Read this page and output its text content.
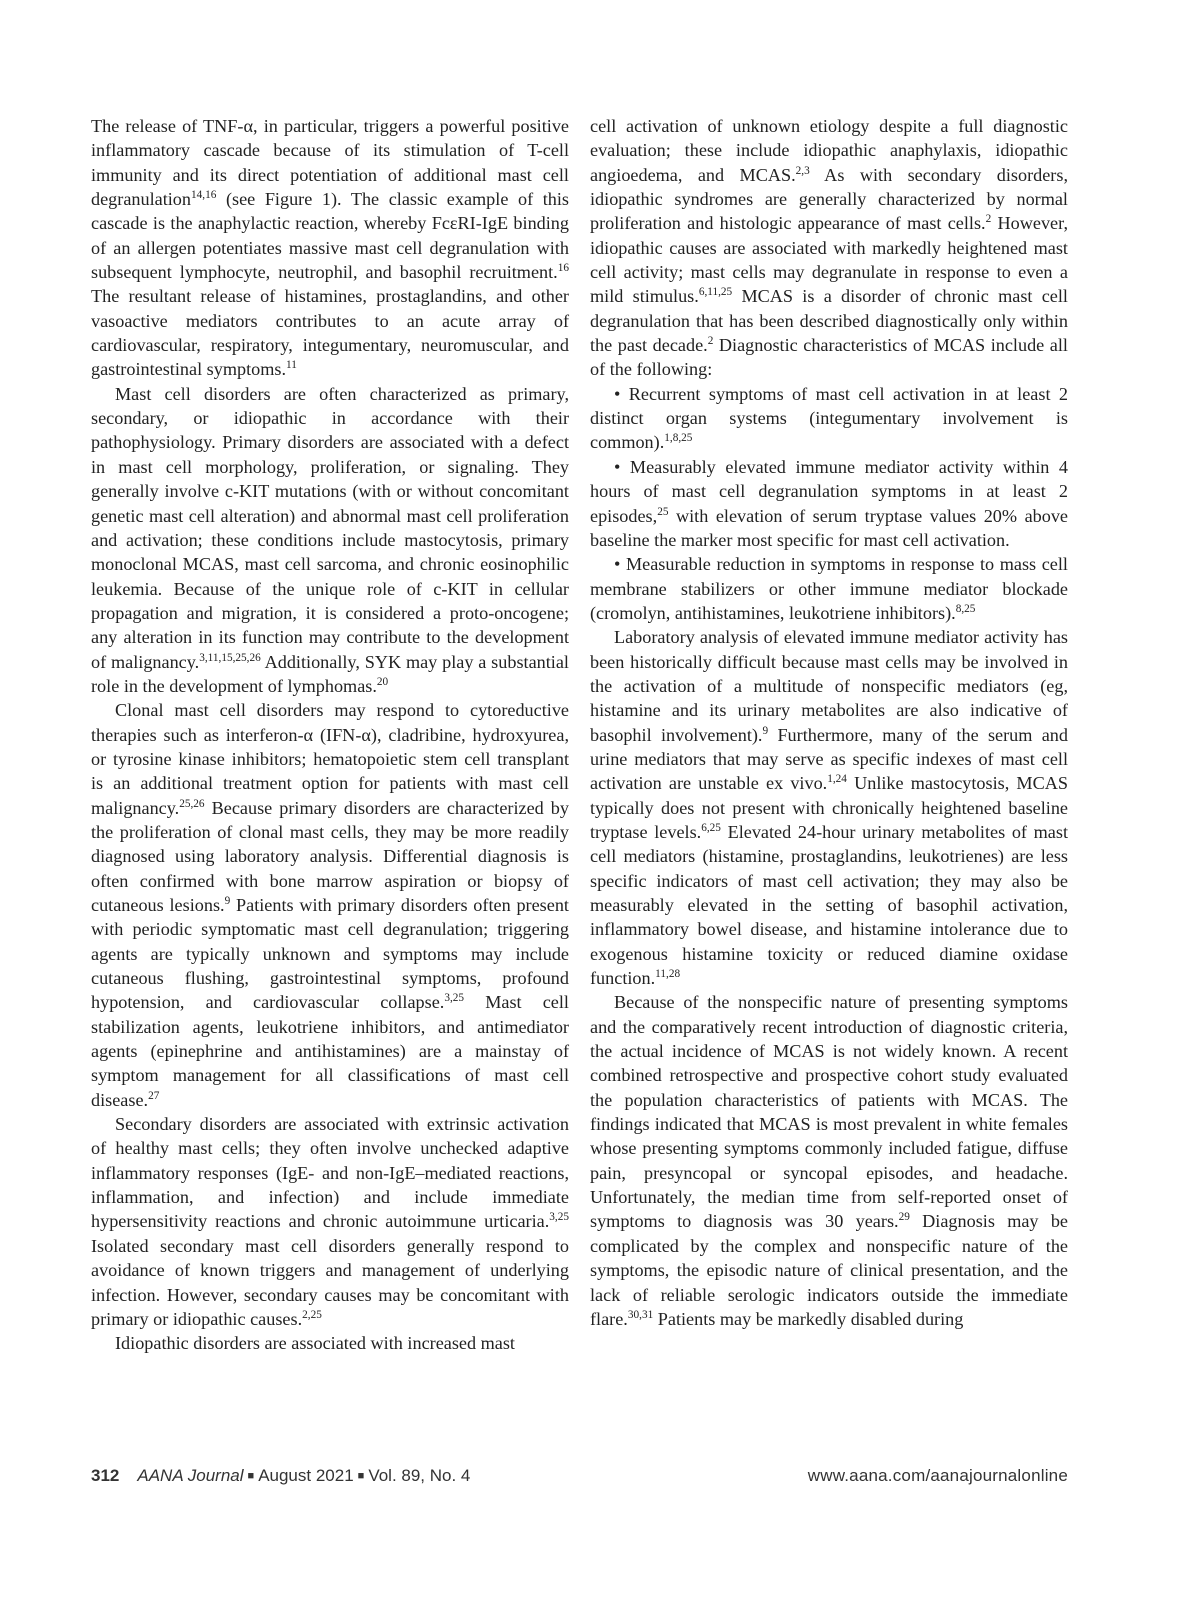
The release of TNF-α, in particular, triggers a powerful positive inflammatory cascade because of its stimulation of T-cell immunity and its direct potentiation of additional mast cell degranulation$^{14,16}$ (see Figure 1). The classic example of this cascade is the anaphylactic reaction, whereby FcεRI-IgE binding of an allergen potentiates massive mast cell degranulation with subsequent lymphocyte, neutrophil, and basophil recruitment.$^{16}$ The resultant release of histamines, prostaglandins, and other vasoactive mediators contributes to an acute array of cardiovascular, respiratory, integumentary, neuromuscular, and gastrointestinal symptoms.$^{11}$

Mast cell disorders are often characterized as primary, secondary, or idiopathic in accordance with their pathophysiology. Primary disorders are associated with a defect in mast cell morphology, proliferation, or signaling. They generally involve c-KIT mutations (with or without concomitant genetic mast cell alteration) and abnormal mast cell proliferation and activation; these conditions include mastocytosis, primary monoclonal MCAS, mast cell sarcoma, and chronic eosinophilic leukemia. Because of the unique role of c-KIT in cellular propagation and migration, it is considered a proto-oncogene; any alteration in its function may contribute to the development of malignancy.$^{3,11,15,25,26}$ Additionally, SYK may play a substantial role in the development of lymphomas.$^{20}$

Clonal mast cell disorders may respond to cytoreductive therapies such as interferon-α (IFN-α), cladribine, hydroxyurea, or tyrosine kinase inhibitors; hematopoietic stem cell transplant is an additional treatment option for patients with mast cell malignancy.$^{25,26}$ Because primary disorders are characterized by the proliferation of clonal mast cells, they may be more readily diagnosed using laboratory analysis. Differential diagnosis is often confirmed with bone marrow aspiration or biopsy of cutaneous lesions.$^9$ Patients with primary disorders often present with periodic symptomatic mast cell degranulation; triggering agents are typically unknown and symptoms may include cutaneous flushing, gastrointestinal symptoms, profound hypotension, and cardiovascular collapse.$^{3,25}$ Mast cell stabilization agents, leukotriene inhibitors, and antimediator agents (epinephrine and antihistamines) are a mainstay of symptom management for all classifications of mast cell disease.$^{27}$

Secondary disorders are associated with extrinsic activation of healthy mast cells; they often involve unchecked adaptive inflammatory responses (IgE- and non-IgE–mediated reactions, inflammation, and infection) and include immediate hypersensitivity reactions and chronic autoimmune urticaria.$^{3,25}$ Isolated secondary mast cell disorders generally respond to avoidance of known triggers and management of underlying infection. However, secondary causes may be concomitant with primary or idiopathic causes.$^{2,25}$

Idiopathic disorders are associated with increased mast

cell activation of unknown etiology despite a full diagnostic evaluation; these include idiopathic anaphylaxis, idiopathic angioedema, and MCAS.$^{2,3}$ As with secondary disorders, idiopathic syndromes are generally characterized by normal proliferation and histologic appearance of mast cells.$^2$ However, idiopathic causes are associated with markedly heightened mast cell activity; mast cells may degranulate in response to even a mild stimulus.$^{6,11,25}$ MCAS is a disorder of chronic mast cell degranulation that has been described diagnostically only within the past decade.$^2$ Diagnostic characteristics of MCAS include all of the following:

• Recurrent symptoms of mast cell activation in at least 2 distinct organ systems (integumentary involvement is common).$^{1,8,25}$

• Measurably elevated immune mediator activity within 4 hours of mast cell degranulation symptoms in at least 2 episodes,$^{25}$ with elevation of serum tryptase values 20% above baseline the marker most specific for mast cell activation.

• Measurable reduction in symptoms in response to mass cell membrane stabilizers or other immune mediator blockade (cromolyn, antihistamines, leukotriene inhibitors).$^{8,25}$

Laboratory analysis of elevated immune mediator activity has been historically difficult because mast cells may be involved in the activation of a multitude of nonspecific mediators (eg, histamine and its urinary metabolites are also indicative of basophil involvement).$^9$ Furthermore, many of the serum and urine mediators that may serve as specific indexes of mast cell activation are unstable ex vivo.$^{1,24}$ Unlike mastocytosis, MCAS typically does not present with chronically heightened baseline tryptase levels.$^{6,25}$ Elevated 24-hour urinary metabolites of mast cell mediators (histamine, prostaglandins, leukotrienes) are less specific indicators of mast cell activation; they may also be measurably elevated in the setting of basophil activation, inflammatory bowel disease, and histamine intolerance due to exogenous histamine toxicity or reduced diamine oxidase function.$^{11,28}$

Because of the nonspecific nature of presenting symptoms and the comparatively recent introduction of diagnostic criteria, the actual incidence of MCAS is not widely known. A recent combined retrospective and prospective cohort study evaluated the population characteristics of patients with MCAS. The findings indicated that MCAS is most prevalent in white females whose presenting symptoms commonly included fatigue, diffuse pain, presyncopal or syncopal episodes, and headache. Unfortunately, the median time from self-reported onset of symptoms to diagnosis was 30 years.$^{29}$ Diagnosis may be complicated by the complex and nonspecific nature of the symptoms, the episodic nature of clinical presentation, and the lack of reliable serologic indicators outside the immediate flare.$^{30,31}$ Patients may be markedly disabled during

312 AANA Journal ■ August 2021 ■ Vol. 89, No. 4	www.aana.com/aanajournalonline
